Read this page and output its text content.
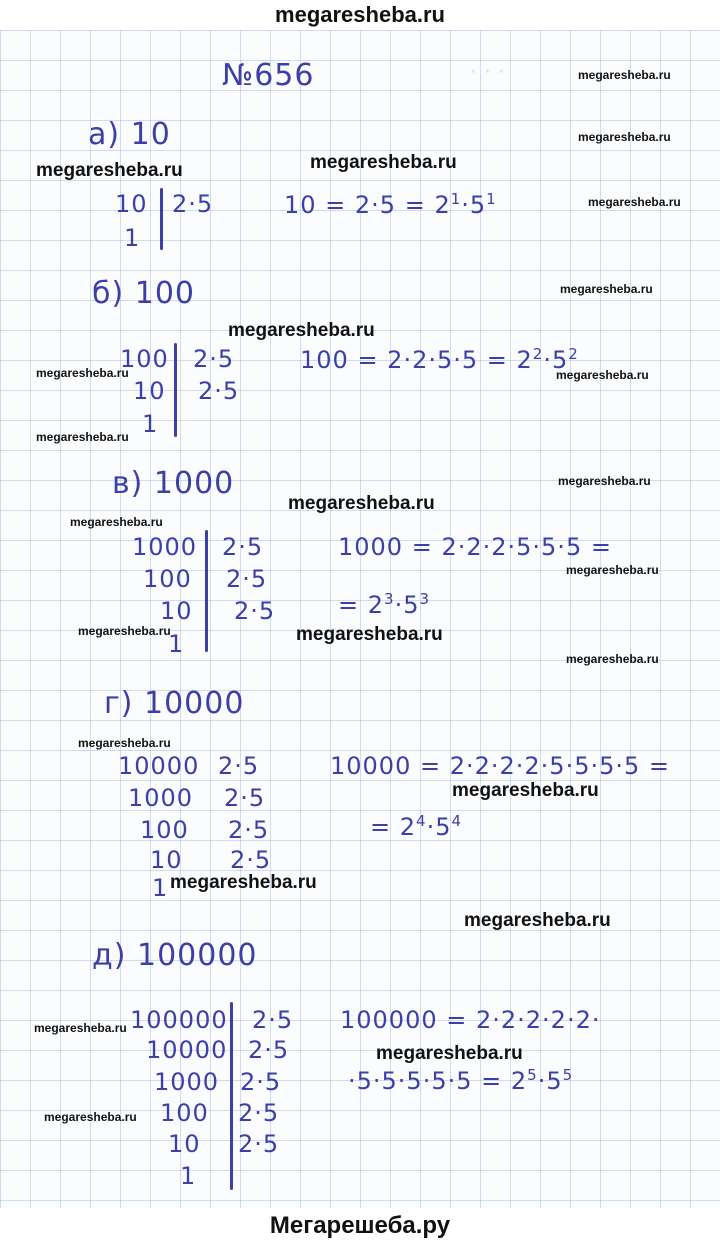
megaresheba.ru
· · ·
№656
а) 10
10 2·5
1
$10 = 2\cdot 5 = 2^1\cdot 5^1$
б) 100
100 2·5
10 2·5
1
$100 = 2\cdot 2\cdot 5\cdot 5 = 2^2\cdot 5^2$
в) 1000
1000 2·5
100 2·5
10 2·5
1
1000 = 2·2·2·5·5·5 =
= $2^3\cdot 5^3$
г) 10000
10000 2·5
1000 2·5
100 2·5
10 2·5
1
10000 = 2·2·2·2·5·5·5·5 =
= $2^4\cdot 5^4$
д) 100000
100000 2·5
10000 2·5
1000 2·5
100 2·5
10 2·5
1
100000 = 2·2·2·2·2·
$\cdot 5\cdot 5\cdot 5\cdot 5\cdot 5 = 2^5\cdot 5^5$
megaresheba.ru
megaresheba.ru
megaresheba.ru	megaresheba.ru
megaresheba.ru
megaresheba.ru
megaresheba.ru
megaresheba.ru	megaresheba.ru
megaresheba.ru
megaresheba.ru
megaresheba.ru
megaresheba.ru
megaresheba.ru
megaresheba.ru	megaresheba.ru
megaresheba.ru
megaresheba.ru
megaresheba.ru
megaresheba.ru
megaresheba.ru
megaresheba.ru
megaresheba.ru
megaresheba.ru
Мегарешеба.ру
